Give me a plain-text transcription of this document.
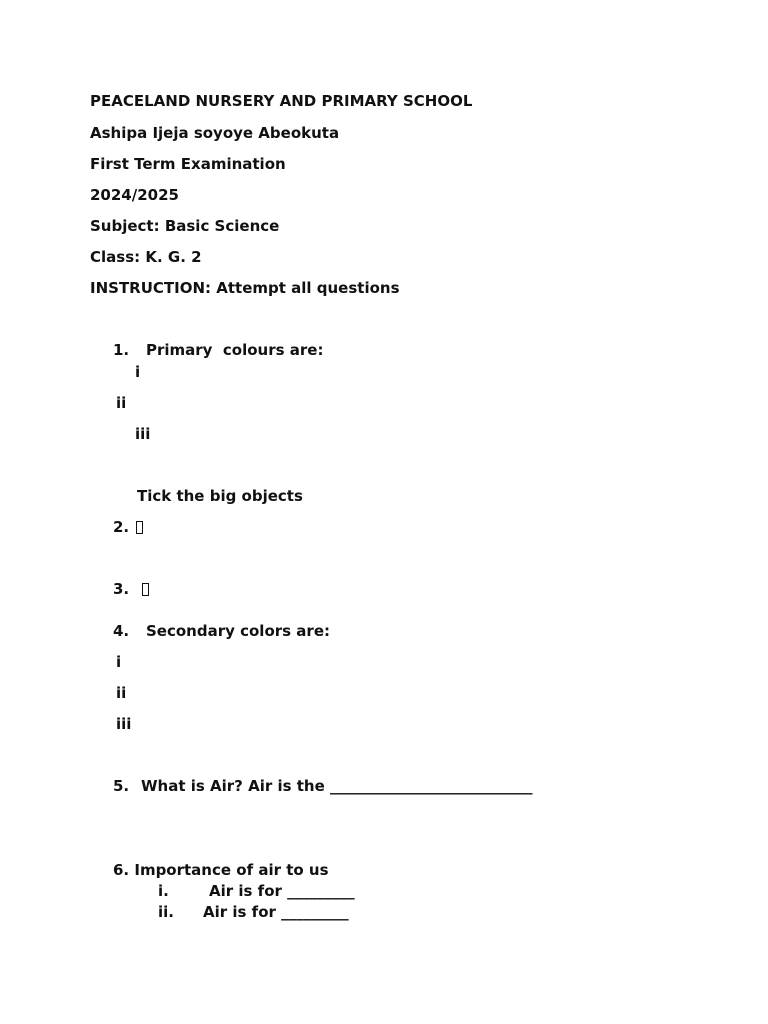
PEACELAND NURSERY AND PRIMARY SCHOOL
Ashipa Ijeja soyoye Abeokuta
First Term Examination
2024/2025
Subject: Basic Science
Class: K. G. 2
INSTRUCTION: Attempt all questions
1. Primary  colours are:
i
ii
iii
Tick the big objects
2.
3.
4. Secondary colors are:
i
ii
iii
5. What is Air? Air is the ___________________________
6. Importance of air to us
i.	Air is for _________
ii. Air is for _________
